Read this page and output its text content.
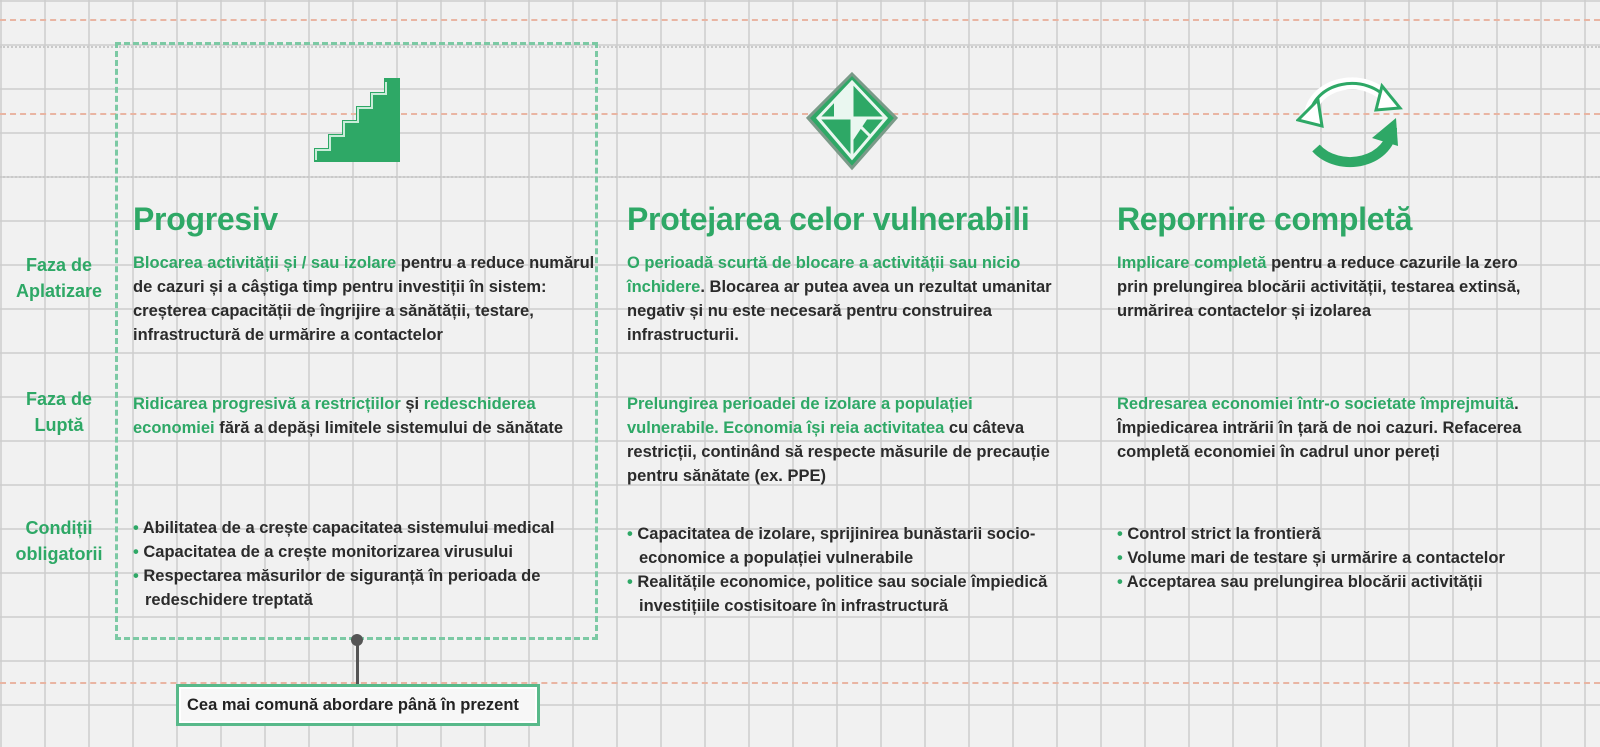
Faza de
Aplatizare
Faza de
Luptă
Condiții
obligatorii
Progresiv	Protejarea celor vulnerabili	Repornire completă
Blocarea activității și / sau izolare pentru a reduce numărul de cazuri și a câștiga timp pentru investiții în sistem: creșterea capacității de îngrijire a sănătății, testare, infrastructură de urmărire a contactelor
Ridicarea progresivă a restricțiilor și redeschiderea economiei fără a depăși limitele sistemului de sănătate
• Abilitatea de a crește capacitatea sistemului medical
• Capacitatea de a crește monitorizarea virusului
• Respectarea măsurilor de siguranță în perioada de redeschidere treptată
O perioadă scurtă de blocare a activității sau nicio închidere. Blocarea ar putea avea un rezultat umanitar negativ și nu este necesară pentru construirea infrastructurii.
Prelungirea perioadei de izolare a populației vulnerabile. Economia își reia activitatea cu câteva restricții, continând să respecte măsurile de precauție pentru sănătate (ex. PPE)
• Capacitatea de izolare, sprijinirea bunăstarii socio-economice a populației vulnerabile
• Realitățile economice, politice sau sociale împiedică investițiile costisitoare în infrastructură
Implicare completă pentru a reduce cazurile la zero prin prelungirea blocării activității, testarea extinsă, urmărirea contactelor și izolarea
Redresarea economiei într-o societate împrejmuită. Împiedicarea intrării în țară de noi cazuri. Refacerea completă economiei în cadrul unor pereți
• Control strict la frontieră
• Volume mari de testare și urmărire a contactelor
• Acceptarea sau prelungirea blocării activității
Cea mai comună abordare până în prezent
